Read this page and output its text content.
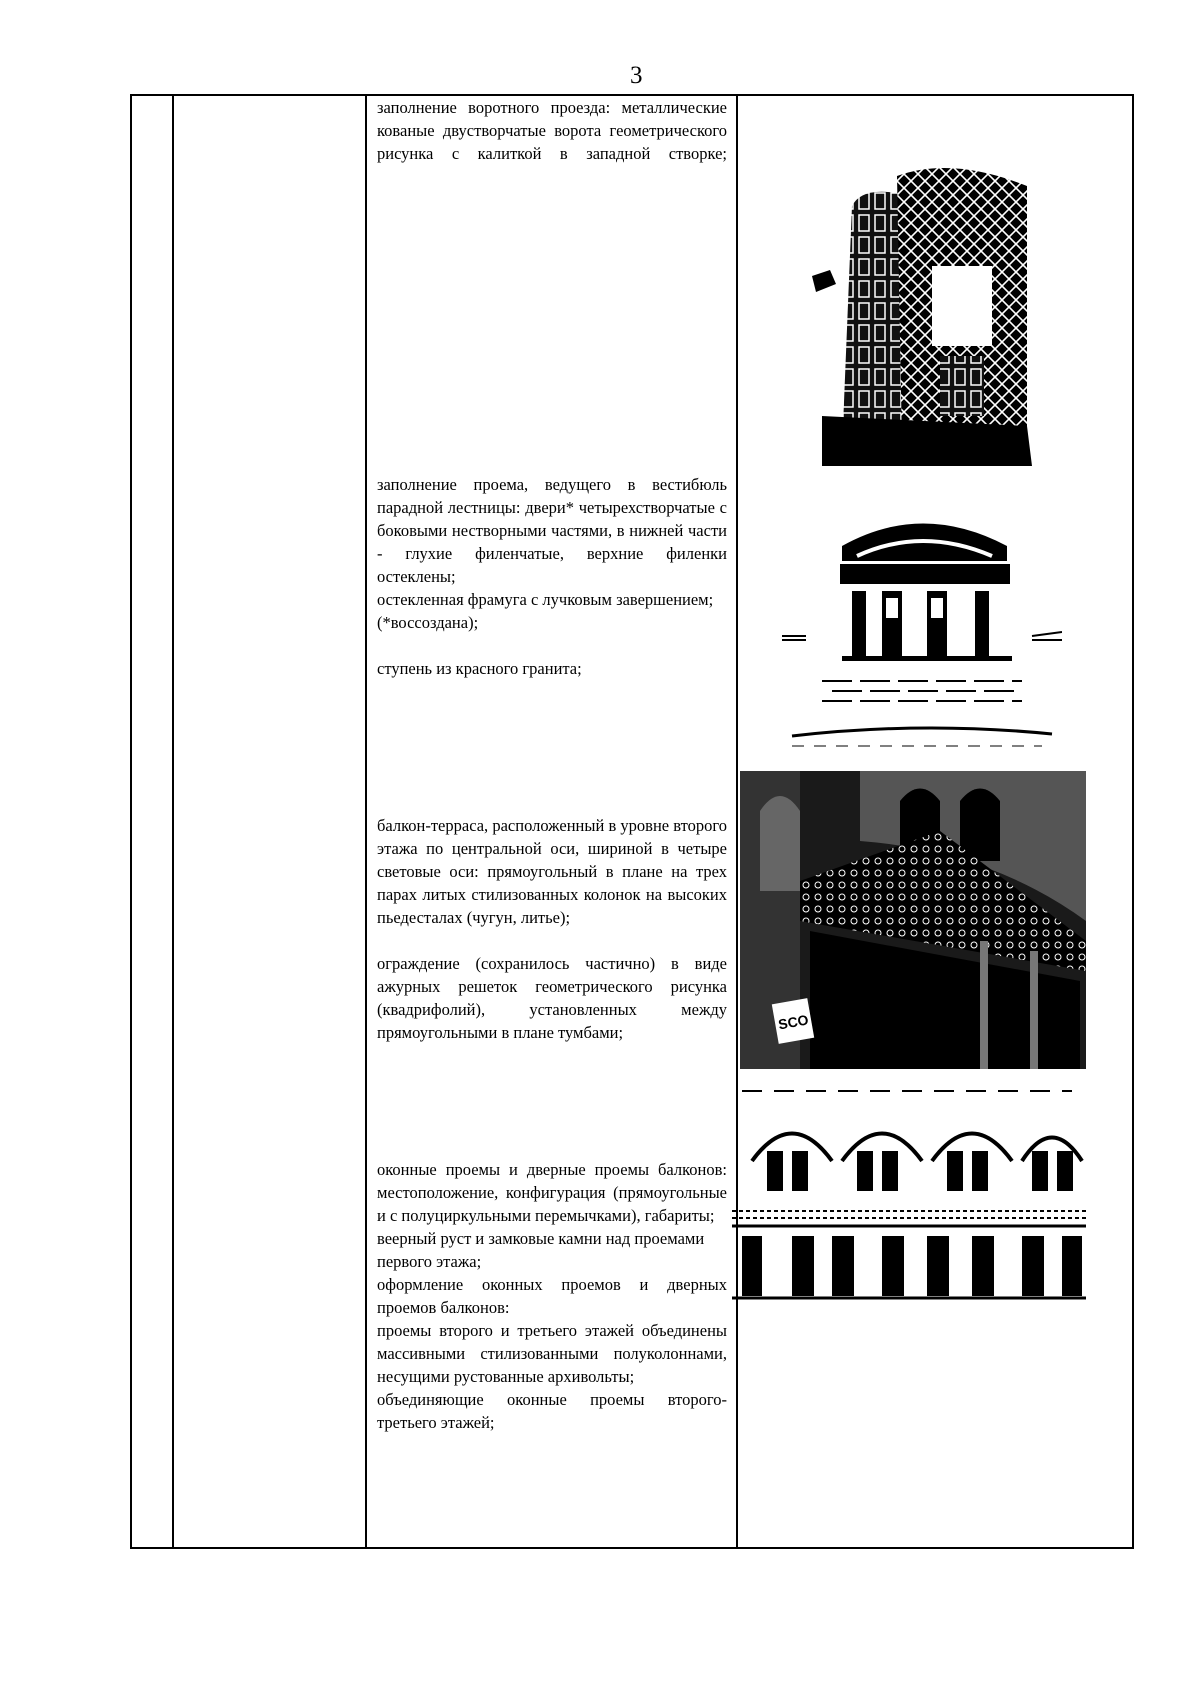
3

заполнение воротного проезда: металлические кованые двустворчатые ворота геометрического рисунка с калиткой в западной створке;

заполнение проема, ведущего в вестибюль парадной лестницы: двери* четырехстворчатые с боковыми нествoрными частями, в нижней части - глухие филенчатые, верхние филенки остеклены;

остекленная фрамуга с лучковым завершением;

(*воссоздана);

ступень из красного гранита;

балкон-терраса, расположенный в уровне второго этажа по центральной оси, шириной в четыре световые оси: прямоугольный в плане на трех парах литых стилизованных колонок на высоких пьедесталах (чугун, литье);

ограждение (сохранилось частично) в виде ажурных решеток геометрического рисунка (квадрифолий), установленных между прямоугольными в плане тумбами;

оконные проемы и дверные проемы балконов: местоположение, конфигурация (прямоугольные и с полуциркульными перемычками), габариты;

веерный руст и замковые камни над проемами первого этажа;

оформление оконных проемов и дверных проемов балконов:

проемы второго и третьего этажей объединены массивными стилизованными полуколоннами, несущими рустованные архивольты;

объединяющие оконные проемы второго-третьего этажей;

SCO
